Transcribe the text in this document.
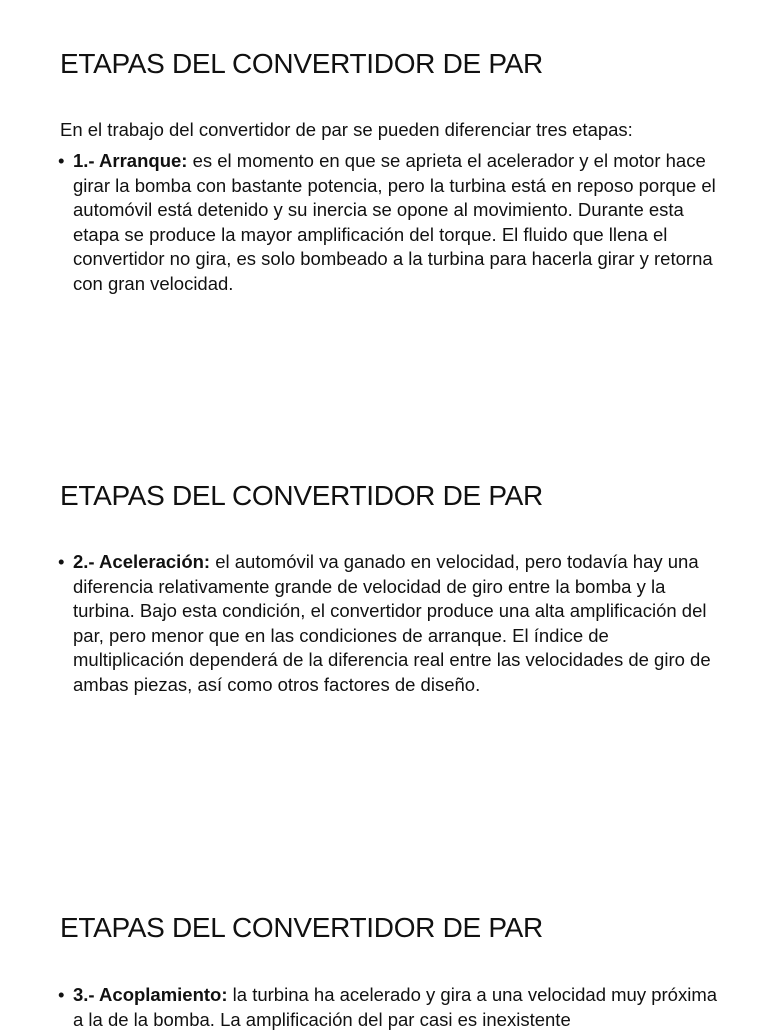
ETAPAS DEL CONVERTIDOR DE PAR

En el trabajo del convertidor de par se pueden diferenciar tres etapas:

• 1.- Arranque: es el momento en que se aprieta el acelerador y el motor hace girar la bomba con bastante potencia, pero la turbina está en reposo porque el automóvil está detenido y su inercia se opone al movimiento. Durante esta etapa se produce la mayor amplificación del torque. El fluido que llena el convertidor no gira, es solo bombeado a la turbina para hacerla girar y retorna con gran velocidad.
ETAPAS DEL CONVERTIDOR DE PAR
• 2.- Aceleración: el automóvil va ganado en velocidad, pero todavía hay una diferencia relativamente grande de velocidad de giro entre la bomba y la turbina. Bajo esta condición, el convertidor produce una alta amplificación del par, pero menor que en las condiciones de arranque. El índice de multiplicación dependerá de la diferencia real entre las velocidades de giro de ambas piezas, así como otros factores de diseño.
ETAPAS DEL CONVERTIDOR DE PAR
• 3.- Acoplamiento: la turbina ha acelerado y gira a una velocidad muy próxima a la de la bomba. La amplificación del par casi es inexistente
